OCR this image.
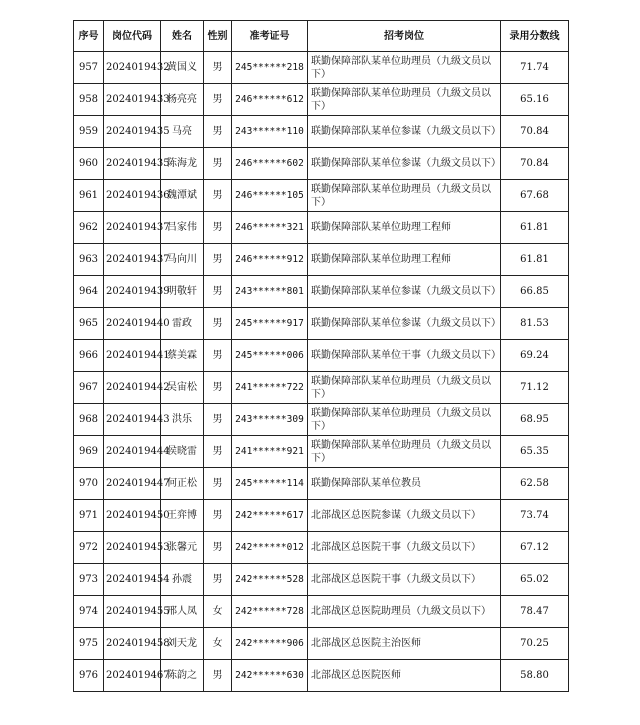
序号	岗位代码	姓名	性别	准考证号	招考岗位	录用分数线
957	2024019432	黄国义	男	245******218	联勤保障部队某单位助理员（九级文员以下）	71.74
958	2024019433	杨亮亮	男	246******612	联勤保障部队某单位助理员（九级文员以下）	65.16
959	2024019435	马亮	男	243******110	联勤保障部队某单位参谋（九级文员以下）	70.84
960	2024019435	陈海龙	男	246******602	联勤保障部队某单位参谋（九级文员以下）	70.84
961	2024019436	魏潭斌	男	246******105	联勤保障部队某单位助理员（九级文员以下）	67.68
962	2024019437	吕家伟	男	246******321	联勤保障部队某单位助理工程师	61.81
963	2024019437	马向川	男	246******912	联勤保障部队某单位助理工程师	61.81
964	2024019439	明敬轩	男	243******801	联勤保障部队某单位参谋（九级文员以下）	66.85
965	2024019440	雷政	男	245******917	联勤保障部队某单位参谋（九级文员以下）	81.53
966	2024019441	蔡美霖	男	245******006	联勤保障部队某单位干事（九级文员以下）	69.24
967	2024019442	吴宙松	男	241******722	联勤保障部队某单位助理员（九级文员以下）	71.12
968	2024019443	洪乐	男	243******309	联勤保障部队某单位助理员（九级文员以下）	68.95
969	2024019444	侯晓雷	男	241******921	联勤保障部队某单位助理员（九级文员以下）	65.35
970	2024019447	何正松	男	245******114	联勤保障部队某单位教员	62.58
971	2024019450	王弈博	男	242******617	北部战区总医院参谋（九级文员以下）	73.74
972	2024019453	张馨元	男	242******012	北部战区总医院干事（九级文员以下）	67.12
973	2024019454	孙震	男	242******528	北部战区总医院干事（九级文员以下）	65.02
974	2024019455	邢人凤	女	242******728	北部战区总医院助理员（九级文员以下）	78.47
975	2024019458	刘天龙	女	242******906	北部战区总医院主治医师	70.25
976	2024019467	陈韵之	男	242******630	北部战区总医院医师	58.80
